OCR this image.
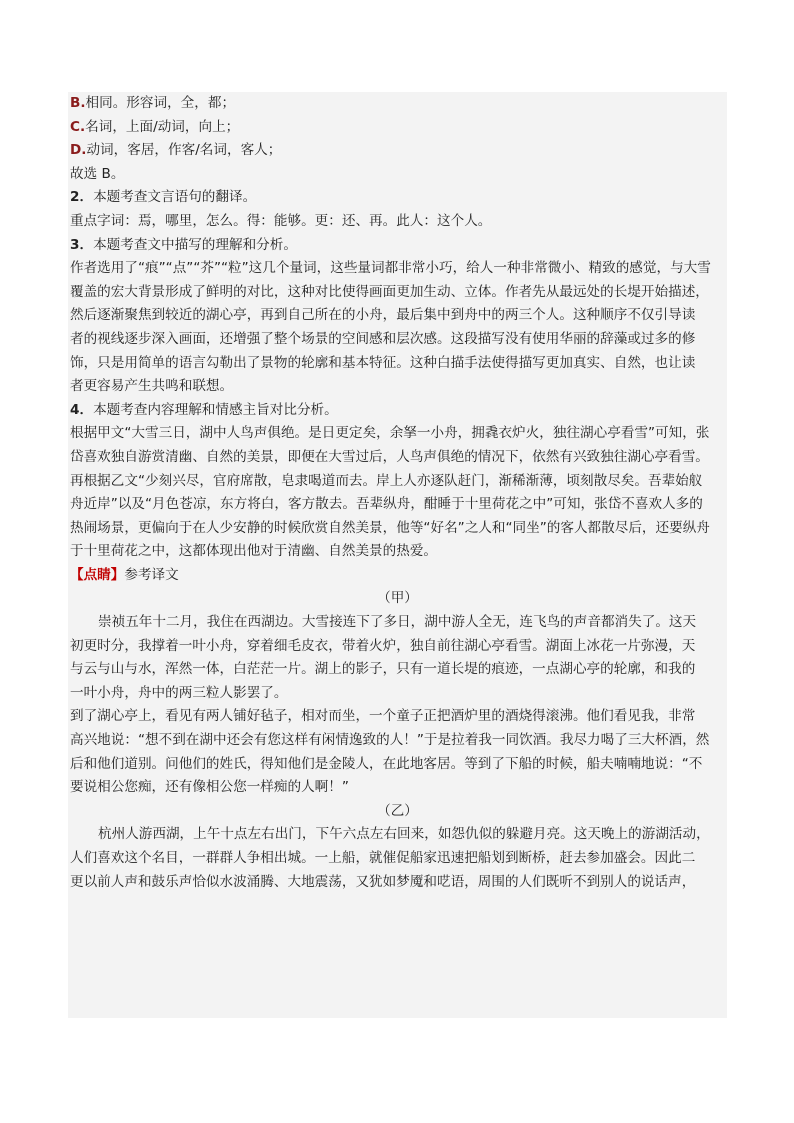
B.相同。形容词，全，都；
C.名词，上面/动词，向上；
D.动词，客居，作客/名词，客人；
故选 B。
2．本题考查文言语句的翻译。
重点字词：焉，哪里，怎么。得：能够。更：还、再。此人：这个人。
3．本题考查文中描写的理解和分析。
作者选用了“痕”“点”“芥”“粒”这几个量词，这些量词都非常小巧，给人一种非常微小、精致的感觉，与大雪
覆盖的宏大背景形成了鲜明的对比，这种对比使得画面更加生动、立体。作者先从最远处的长堤开始描述，
然后逐渐聚焦到较近的湖心亭，再到自己所在的小舟，最后集中到舟中的两三个人。这种顺序不仅引导读
者的视线逐步深入画面，还增强了整个场景的空间感和层次感。这段描写没有使用华丽的辞藻或过多的修
饰，只是用简单的语言勾勒出了景物的轮廓和基本特征。这种白描手法使得描写更加真实、自然，也让读
者更容易产生共鸣和联想。
4．本题考查内容理解和情感主旨对比分析。
根据甲文“大雪三日，湖中人鸟声俱绝。是日更定矣，余拏一小舟，拥毳衣炉火，独往湖心亭看雪”可知，张
岱喜欢独自游赏清幽、自然的美景，即便在大雪过后，人鸟声俱绝的情况下，依然有兴致独往湖心亭看雪。
再根据乙文“少刻兴尽，官府席散，皂隶喝道而去。岸上人亦逐队赶门，渐稀渐薄，顷刻散尽矣。吾辈始舣
舟近岸”以及“月色苍凉，东方将白，客方散去。吾辈纵舟，酣睡于十里荷花之中”可知，张岱不喜欢人多的
热闹场景，更偏向于在人少安静的时候欣赏自然美景，他等“好名”之人和“同坐”的客人都散尽后，还要纵舟
于十里荷花之中，这都体现出他对于清幽、自然美景的热爱。
【点睛】参考译文
（甲）
崇祯五年十二月，我住在西湖边。大雪接连下了多日，湖中游人全无，连飞鸟的声音都消失了。这天
初更时分，我撑着一叶小舟，穿着细毛皮衣，带着火炉，独自前往湖心亭看雪。湖面上冰花一片弥漫，天
与云与山与水，浑然一体，白茫茫一片。湖上的影子，只有一道长堤的痕迹，一点湖心亭的轮廓，和我的
一叶小舟，舟中的两三粒人影罢了。
到了湖心亭上，看见有两人铺好毡子，相对而坐，一个童子正把酒炉里的酒烧得滚沸。他们看见我，非常
高兴地说：“想不到在湖中还会有您这样有闲情逸致的人！”于是拉着我一同饮酒。我尽力喝了三大杯酒，然
后和他们道别。问他们的姓氏，得知他们是金陵人，在此地客居。等到了下船的时候，船夫喃喃地说：“不
要说相公您痴，还有像相公您一样痴的人啊！”
（乙）
杭州人游西湖，上午十点左右出门，下午六点左右回来，如怨仇似的躲避月亮。这天晚上的游湖活动，
人们喜欢这个名目，一群群人争相出城。一上船，就催促船家迅速把船划到断桥，赶去参加盛会。因此二
更以前人声和鼓乐声恰似水波涌腾、大地震荡，又犹如梦魇和呓语，周围的人们既听不到别人的说话声，
